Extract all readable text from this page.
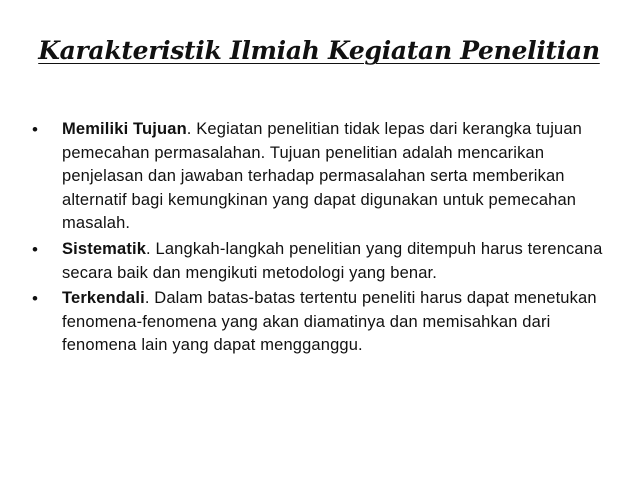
Karakteristik Ilmiah Kegiatan Penelitian
• Memiliki Tujuan. Kegiatan penelitian tidak lepas dari kerangka tujuan pemecahan permasalahan. Tujuan penelitian adalah mencarikan penjelasan dan jawaban terhadap permasalahan serta memberikan alternatif bagi kemungkinan yang dapat digunakan untuk pemecahan masalah.
• Sistematik. Langkah-langkah penelitian yang ditempuh harus terencana secara baik dan mengikuti metodologi yang benar.
• Terkendali. Dalam batas-batas tertentu peneliti harus dapat menetukan fenomena-fenomena yang akan diamatinya dan memisahkan dari fenomena lain yang dapat mengganggu.
